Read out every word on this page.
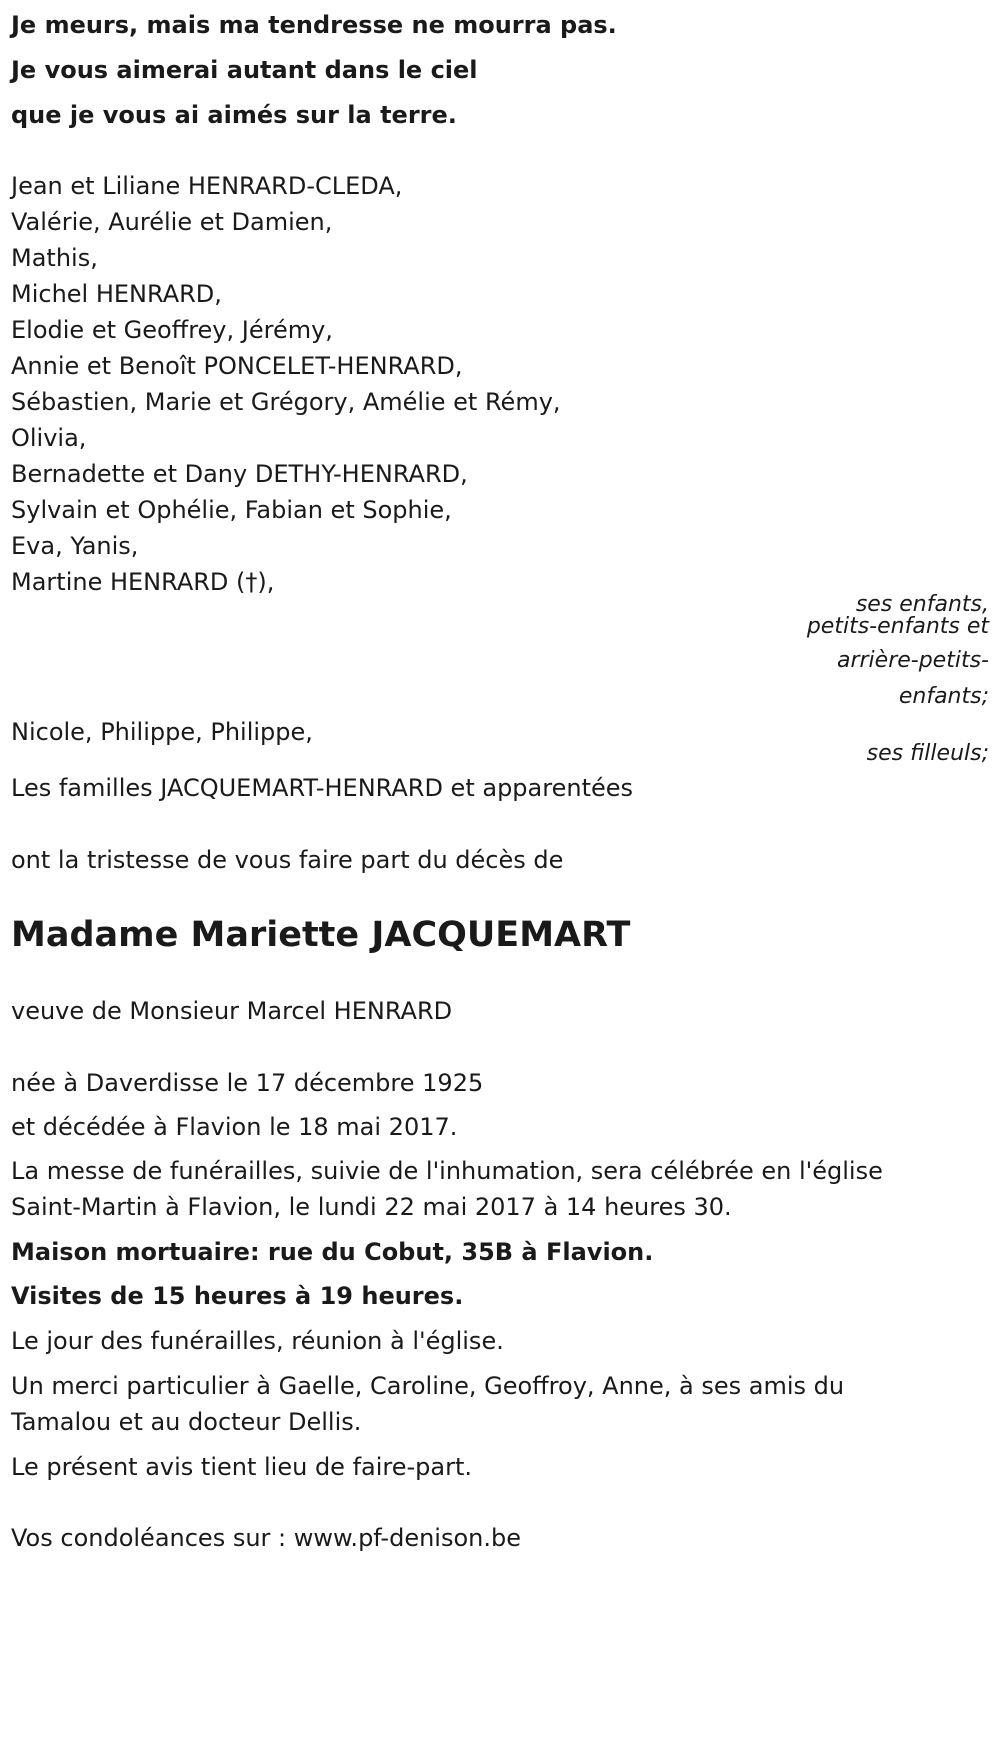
Je meurs, mais ma tendresse ne mourra pas.
Je vous aimerai autant dans le ciel
que je vous ai aimés sur la terre.
Jean et Liliane HENRARD-CLEDA,
Valérie, Aurélie et Damien,
Mathis,
Michel HENRARD,
Elodie et Geoffrey, Jérémy,
Annie et Benoît PONCELET-HENRARD,
Sébastien, Marie et Grégory, Amélie et Rémy,
Olivia,
Bernadette et Dany DETHY-HENRARD,
Sylvain et Ophélie, Fabian et Sophie,
Eva, Yanis,
Martine HENRARD (†),
ses enfants,
petits-enfants et
arrière-petits-
enfants;
Nicole, Philippe, Philippe,
ses filleuls;
Les familles JACQUEMART-HENRARD et apparentées
ont la tristesse de vous faire part du décès de
Madame Mariette JACQUEMART
veuve de Monsieur Marcel HENRARD
née à Daverdisse le 17 décembre 1925
et décédée à Flavion le 18 mai 2017.
La messe de funérailles, suivie de l'inhumation, sera célébrée en l'église
Saint-Martin à Flavion, le lundi 22 mai 2017 à 14 heures 30.
Maison mortuaire: rue du Cobut, 35B à Flavion.
Visites de 15 heures à 19 heures.
Le jour des funérailles, réunion à l'église.
Un merci particulier à Gaelle, Caroline, Geoffroy, Anne, à ses amis du
Tamalou et au docteur Dellis.
Le présent avis tient lieu de faire-part.
Vos condoléances sur : www.pf-denison.be
